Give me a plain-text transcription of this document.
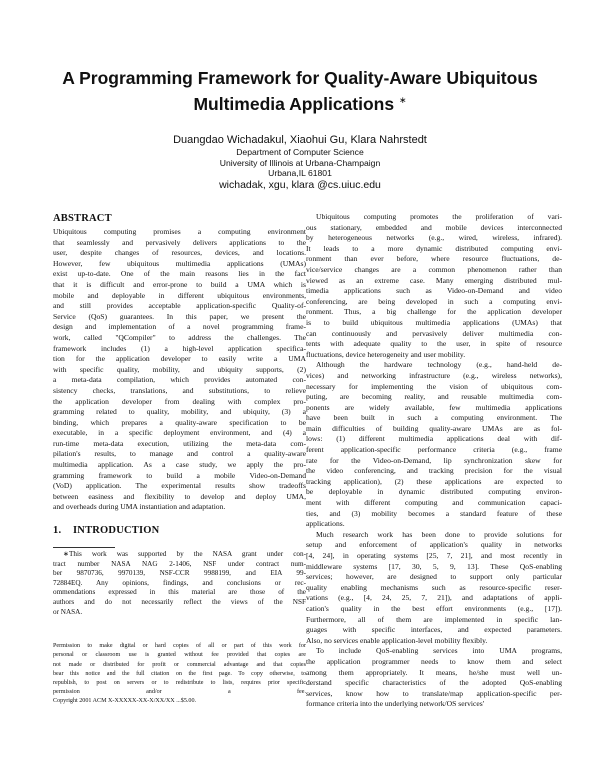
A Programming Framework for Quality-Aware Ubiquitous
Multimedia Applications ∗
Duangdao Wichadakul, Xiaohui Gu, Klara Nahrstedt
Department of Computer Science
University of Illinois at Urbana-Champaign
Urbana,IL 61801
wichadak, xgu, klara @cs.uiuc.edu
ABSTRACT
Ubiquitous computing promises a computing environment
that seamlessly and pervasively delivers applications to the
user, despite changes of resources, devices, and locations.
However, few ubiquitous multimedia applications (UMAs)
exist up-to-date. One of the main reasons lies in the fact
that it is difficult and error-prone to build a UMA which is
mobile and deployable in different ubiquitous environments,
and still provides acceptable application-specific Quality-of-
Service (QoS) guarantees. In this paper, we present the
design and implementation of a novel programming frame-
work, called "QCompiler" to address the challenges. The
framework includes (1) a high-level application specifica-
tion for the application developer to easily write a UMA
with specific quality, mobility, and ubiquity supports, (2)
a meta-data compilation, which provides automated con-
sistency checks, translations, and substitutions, to relieve
the application developer from dealing with complex pro-
gramming related to quality, mobility, and ubiquity, (3) a
binding, which prepares a quality-aware specification to be
executable, in a specific deployment environment, and (4) a
run-time meta-data execution, utilizing the meta-data com-
pilation's results, to manage and control a quality-aware
multimedia application. As a case study, we apply the pro-
gramming framework to build a mobile Video-on-Demand
(VoD) application. The experimental results show tradeoffs
between easiness and flexibility to develop and deploy UMA,
and overheads during UMA instantiation and adaptation.
1. INTRODUCTION
∗This work was supported by the NASA grant under con-
tract number NASA NAG 2-1406, NSF under contract num-
ber 9870736, 9970139, NSF-CCR 9988199, and EIA 99-
72884EQ. Any opinions, findings, and conclusions or rec-
ommendations expressed in this material are those of the
authors and do not necessarily reflect the views of the NSF
or NASA.
Permission to make digital or hard copies of all or part of this work for
personal or classroom use is granted without fee provided that copies are
not made or distributed for profit or commercial advantage and that copies
bear this notice and the full citation on the first page. To copy otherwise, to
republish, to post on servers or to redistribute to lists, requires prior specific
permission and/or a fee.
Copyright 2001 ACM X-XXXXX-XX-X/XX/XX ...$5.00.
Ubiquitous computing promotes the proliferation of vari-
ous stationary, embedded and mobile devices interconnected
by heterogeneous networks (e.g., wired, wireless, infrared).
It leads to a more dynamic distributed computing envi-
ronment than ever before, where resource fluctuations, de-
vice/service changes are a common phenomenon rather than
viewed as an extreme case. Many emerging distributed mul-
timedia applications such as Video-on-Demand and video
conferencing, are being developed in such a computing envi-
ronment. Thus, a big challenge for the application developer
is to build ubiquitous multimedia applications (UMAs) that
can continuously and pervasively deliver multimedia con-
tents with adequate quality to the user, in spite of resource
fluctuations, device heterogeneity and user mobility.
Although the hardware technology (e.g., hand-held de-
vices) and networking infrastructure (e.g., wireless networks),
necessary for implementing the vision of ubiquitous com-
puting, are becoming reality, and reusable multimedia com-
ponents are widely available, few multimedia applications
have been built in such a computing environment. The
main difficulties of building quality-aware UMAs are as fol-
lows: (1) different multimedia applications deal with dif-
ferent application-specific performance criteria (e.g., frame
rate for the Video-on-Demand, lip synchronization skew for
the video conferencing, and tracking precision for the visual
tracking application), (2) these applications are expected to
be deployable in dynamic distributed computing environ-
ment with different computing and communication capaci-
ties, and (3) mobility becomes a standard feature of these
applications.
Much research work has been done to provide solutions for
setup and enforcement of application's quality in networks
[4, 24], in operating systems [25, 7, 21], and most recently in
middleware systems [17, 30, 5, 9, 13]. These QoS-enabling
services; however, are designed to support only particular
quality enabling mechanisms such as resource-specific reser-
vations (e.g., [4, 24, 25, 7, 21]), and adaptations of appli-
cation's quality in the best effort environments (e.g., [17]).
Furthermore, all of them are implemented in specific lan-
guages with specific interfaces, and expected parameters.
Also, no services enable application-level mobility flexibly.
To include QoS-enabling services into UMA programs,
the application programmer needs to know them and select
among them appropriately. It means, he/she must well un-
derstand specific characteristics of the adopted QoS-enabling
services, know how to translate/map application-specific per-
formance criteria into the underlying network/OS services'
